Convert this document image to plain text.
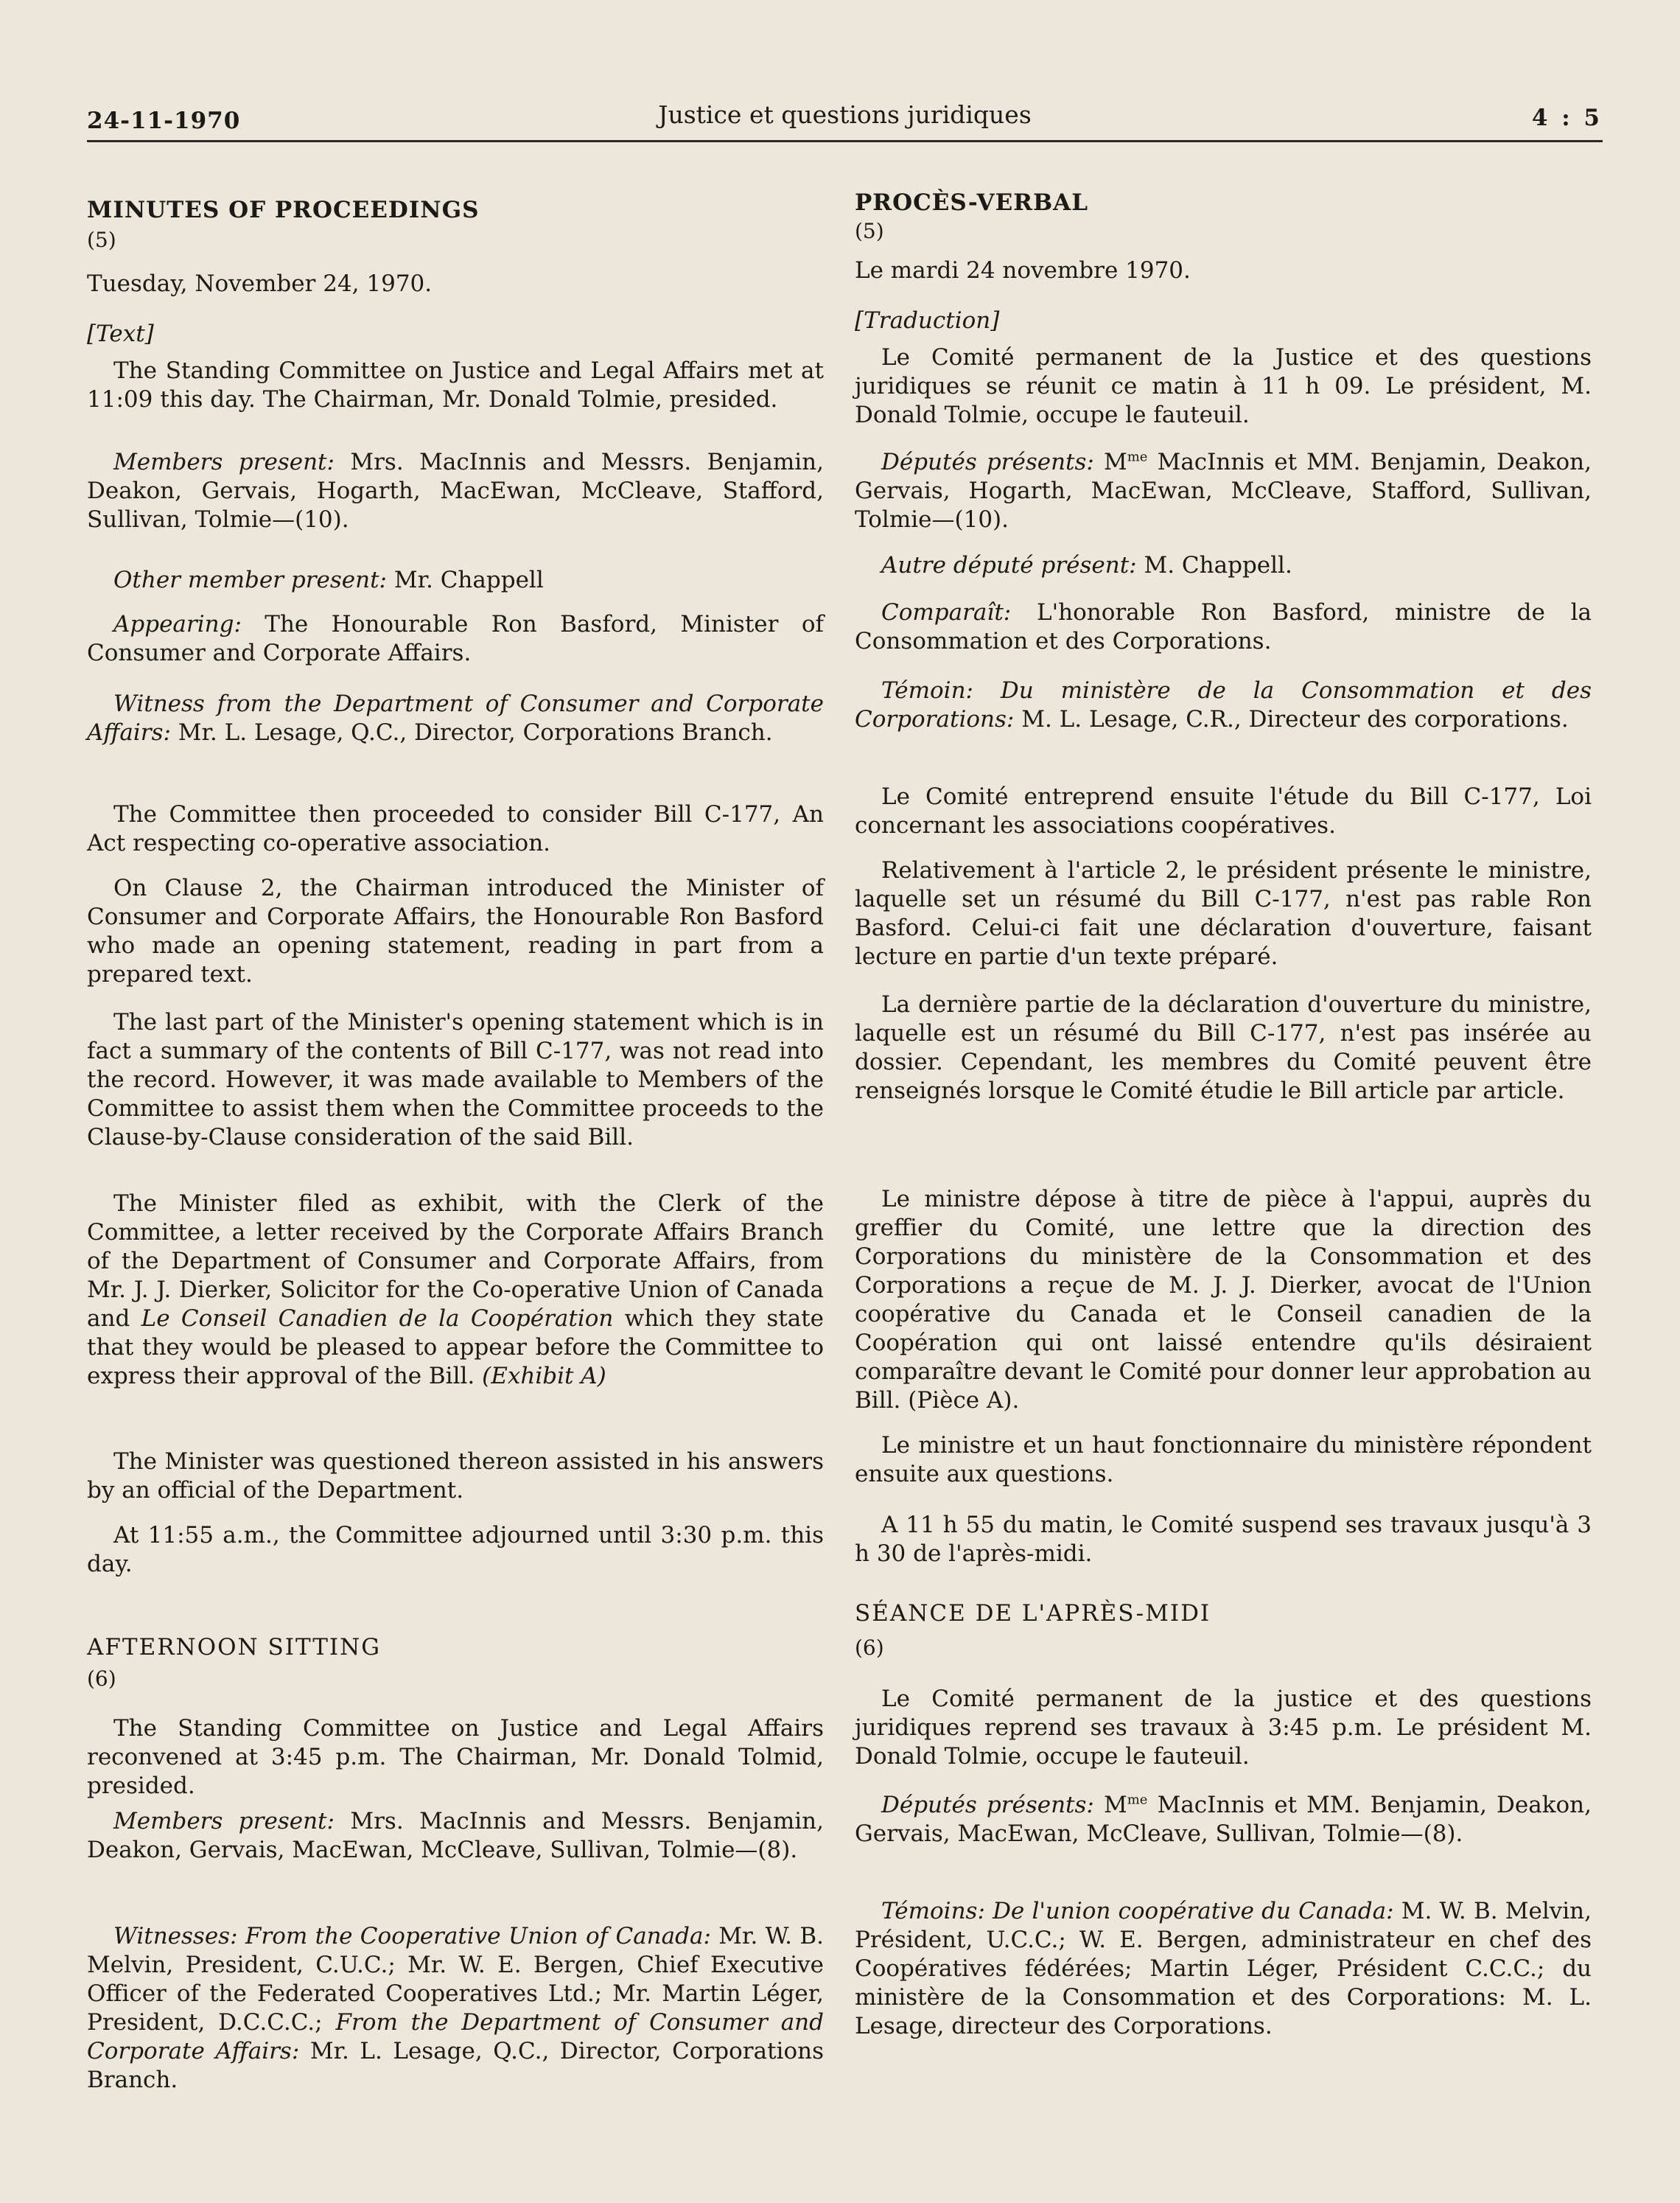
24-11-1970	Justice et questions juridiques	4 : 5
MINUTES OF PROCEEDINGS
(5)
Tuesday, November 24, 1970.
[Text]
The Standing Committee on Justice and Legal Affairs met at 11:09 this day. The Chairman, Mr. Donald Tolmie, presided.
Members present: Mrs. MacInnis and Messrs. Benjamin, Deakon, Gervais, Hogarth, MacEwan, McCleave, Stafford, Sullivan, Tolmie—(10).
Other member present: Mr. Chappell
Appearing: The Honourable Ron Basford, Minister of Consumer and Corporate Affairs.
Witness from the Department of Consumer and Corporate Affairs: Mr. L. Lesage, Q.C., Director, Corporations Branch.
The Committee then proceeded to consider Bill C-177, An Act respecting co-operative association.
On Clause 2, the Chairman introduced the Minister of Consumer and Corporate Affairs, the Honourable Ron Basford who made an opening statement, reading in part from a prepared text.
The last part of the Minister's opening statement which is in fact a summary of the contents of Bill C-177, was not read into the record. However, it was made available to Members of the Committee to assist them when the Committee proceeds to the Clause-by-Clause consideration of the said Bill.
The Minister filed as exhibit, with the Clerk of the Committee, a letter received by the Corporate Affairs Branch of the Department of Consumer and Corporate Affairs, from Mr. J. J. Dierker, Solicitor for the Co-operative Union of Canada and Le Conseil Canadien de la Coopération which they state that they would be pleased to appear before the Committee to express their approval of the Bill. (Exhibit A)
The Minister was questioned thereon assisted in his answers by an official of the Department.
At 11:55 a.m., the Committee adjourned until 3:30 p.m. this day.
AFTERNOON SITTING
(6)
The Standing Committee on Justice and Legal Affairs reconvened at 3:45 p.m. The Chairman, Mr. Donald Tolmid, presided.
Members present: Mrs. MacInnis and Messrs. Benjamin, Deakon, Gervais, MacEwan, McCleave, Sullivan, Tolmie—(8).
Witnesses: From the Cooperative Union of Canada: Mr. W. B. Melvin, President, C.U.C.; Mr. W. E. Bergen, Chief Executive Officer of the Federated Cooperatives Ltd.; Mr. Martin Léger, President, D.C.C.C.; From the Department of Consumer and Corporate Affairs: Mr. L. Lesage, Q.C., Director, Corporations Branch.
PROCÈS-VERBAL
(5)
Le mardi 24 novembre 1970.
[Traduction]
Le Comité permanent de la Justice et des questions juridiques se réunit ce matin à 11 h 09. Le président, M. Donald Tolmie, occupe le fauteuil.
Députés présents: $M^{me}$ MacInnis et MM. Benjamin, Deakon, Gervais, Hogarth, MacEwan, McCleave, Stafford, Sullivan, Tolmie—(10).
Autre député présent: M. Chappell.
Comparaît: L'honorable Ron Basford, ministre de la Consommation et des Corporations.
Témoin: Du ministère de la Consommation et des Corporations: M. L. Lesage, C.R., Directeur des corporations.
Le Comité entreprend ensuite l'étude du Bill C-177, Loi concernant les associations coopératives.
Relativement à l'article 2, le président présente le ministre, laquelle set un résumé du Bill C-177, n'est pas rable Ron Basford. Celui-ci fait une déclaration d'ouverture, faisant lecture en partie d'un texte préparé.
La dernière partie de la déclaration d'ouverture du ministre, laquelle est un résumé du Bill C-177, n'est pas insérée au dossier. Cependant, les membres du Comité peuvent être renseignés lorsque le Comité étudie le Bill article par article.
Le ministre dépose à titre de pièce à l'appui, auprès du greffier du Comité, une lettre que la direction des Corporations du ministère de la Consommation et des Corporations a reçue de M. J. J. Dierker, avocat de l'Union coopérative du Canada et le Conseil canadien de la Coopération qui ont laissé entendre qu'ils désiraient comparaître devant le Comité pour donner leur approbation au Bill. (Pièce A).
Le ministre et un haut fonctionnaire du ministère répondent ensuite aux questions.
A 11 h 55 du matin, le Comité suspend ses travaux jusqu'à 3 h 30 de l'après-midi.
SÉANCE DE L'APRÈS-MIDI
(6)
Le Comité permanent de la justice et des questions juridiques reprend ses travaux à 3:45 p.m. Le président M. Donald Tolmie, occupe le fauteuil.
Députés présents: $M^{me}$ MacInnis et MM. Benjamin, Deakon, Gervais, MacEwan, McCleave, Sullivan, Tolmie—(8).
Témoins: De l'union coopérative du Canada: M. W. B. Melvin, Président, U.C.C.; W. E. Bergen, administrateur en chef des Coopératives fédérées; Martin Léger, Président C.C.C.; du ministère de la Consommation et des Corporations: M. L. Lesage, directeur des Corporations.
